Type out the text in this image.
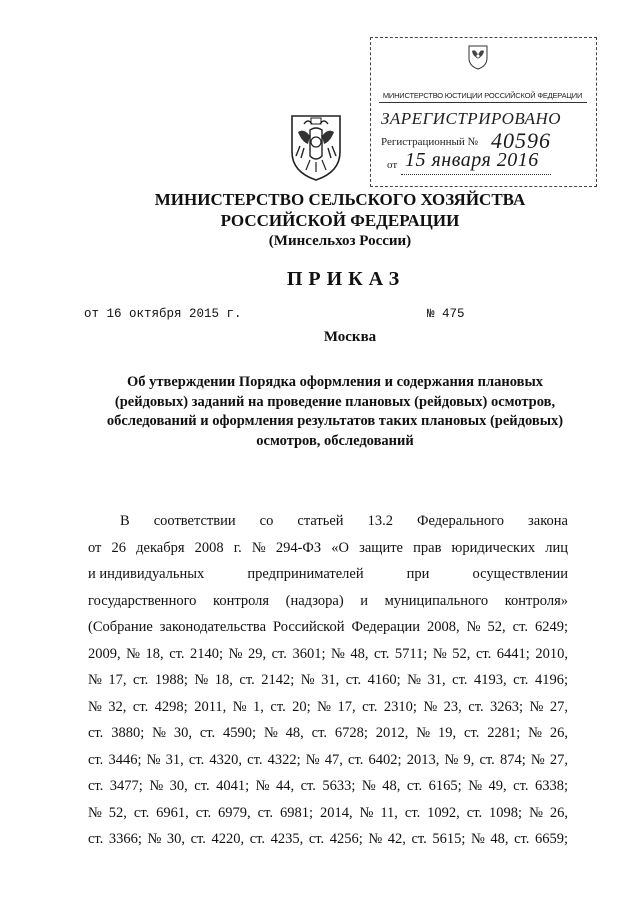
МИНИСТЕРСТВО ЮСТИЦИИ РОССИЙСКОЙ ФЕДЕРАЦИИ
ЗАРЕГИСТРИРОВАНО
Регистрационный № 40596
от 15 января 2016
МИНИСТЕРСТВО СЕЛЬСКОГО ХОЗЯЙСТВА
РОССИЙСКОЙ ФЕДЕРАЦИИ
(Минсельхоз России)
ПРИКАЗ
от 16 октября 2015 г.	№ 475
Москва
Об утверждении Порядка оформления и содержания плановых
(рейдовых) заданий на проведение плановых (рейдовых) осмотров,
обследований и оформления результатов таких плановых (рейдовых)
осмотров, обследований
В соответствии со статьей 13.2 Федерального закона
от 26 декабря 2008 г. № 294-ФЗ «О защите прав юридических лиц
и индивидуальных	предпринимателей	при	осуществлении
государственного контроля (надзора) и муниципального контроля»
(Собрание законодательства Российской Федерации 2008, № 52, ст. 6249;
2009, № 18, ст. 2140; № 29, ст. 3601; № 48, ст. 5711; № 52, ст. 6441; 2010,
№ 17, ст. 1988; № 18, ст. 2142; № 31, ст. 4160; № 31, ст. 4193, ст. 4196;
№ 32, ст. 4298; 2011, № 1, ст. 20; № 17, ст. 2310; № 23, ст. 3263; № 27,
ст. 3880; № 30, ст. 4590; № 48, ст. 6728; 2012, № 19, ст. 2281; № 26,
ст. 3446; № 31, ст. 4320, ст. 4322; № 47, ст. 6402; 2013, № 9, ст. 874; № 27,
ст. 3477; № 30, ст. 4041; № 44, ст. 5633; № 48, ст. 6165; № 49, ст. 6338;
№ 52, ст. 6961, ст. 6979, ст. 6981; 2014, № 11, ст. 1092, ст. 1098; № 26,
ст. 3366; № 30, ст. 4220, ст. 4235, ст. 4256; № 42, ст. 5615; № 48, ст. 6659;
